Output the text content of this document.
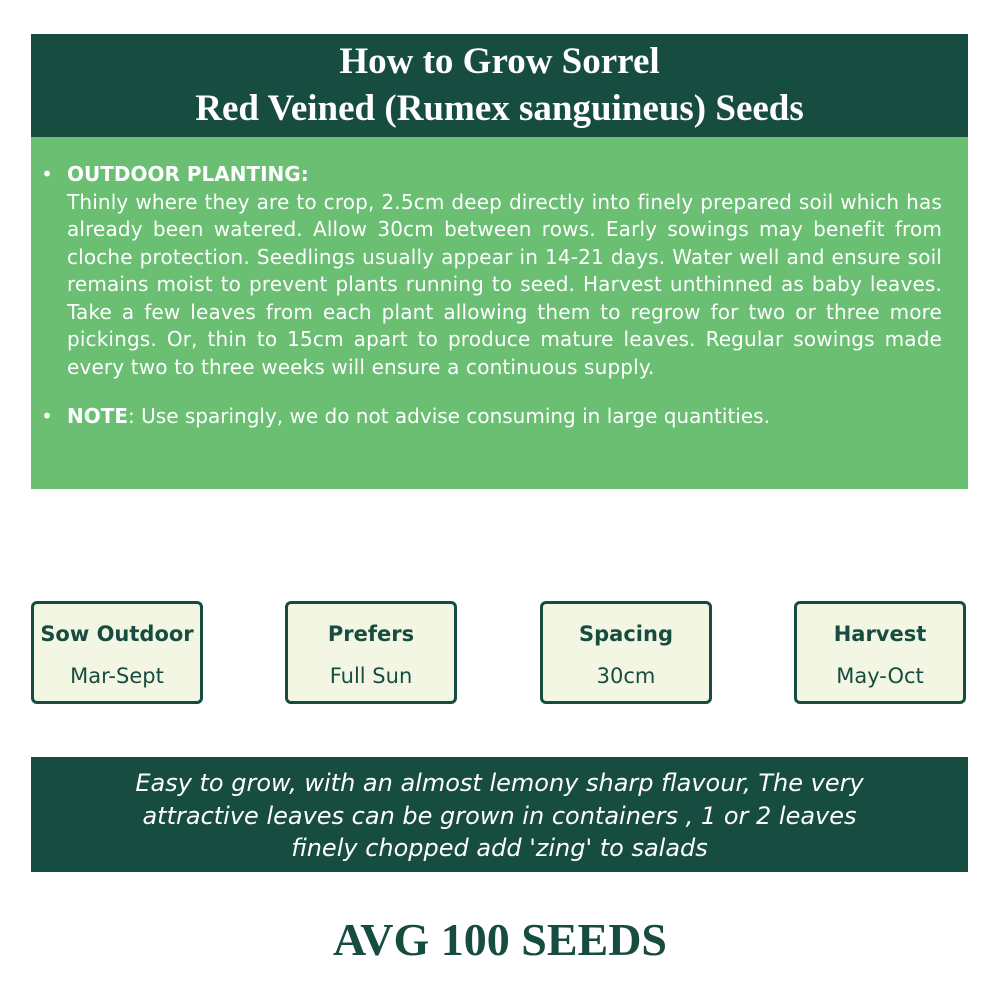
How to Grow Sorrel
Red Veined (Rumex sanguineus) Seeds
• OUTDOOR PLANTING:
Thinly where they are to crop, 2.5cm deep directly into finely prepared soil which has already been watered. Allow 30cm between rows. Early sowings may benefit from cloche protection. Seedlings usually appear in 14-21 days. Water well and ensure soil remains moist to prevent plants running to seed. Harvest unthinned as baby leaves. Take a few leaves from each plant allowing them to regrow for two or three more pickings. Or, thin to 15cm apart to produce mature leaves. Regular sowings made every two to three weeks will ensure a continuous supply.
• NOTE: Use sparingly, we do not advise consuming in large quantities.
Sow Outdoor
Mar-Sept
Prefers
Full Sun
Spacing
30cm
Harvest
May-Oct
Easy to grow, with an almost lemony sharp flavour, The very
attractive leaves can be grown in containers , 1 or 2 leaves
finely chopped add 'zing' to salads
AVG 100 SEEDS
